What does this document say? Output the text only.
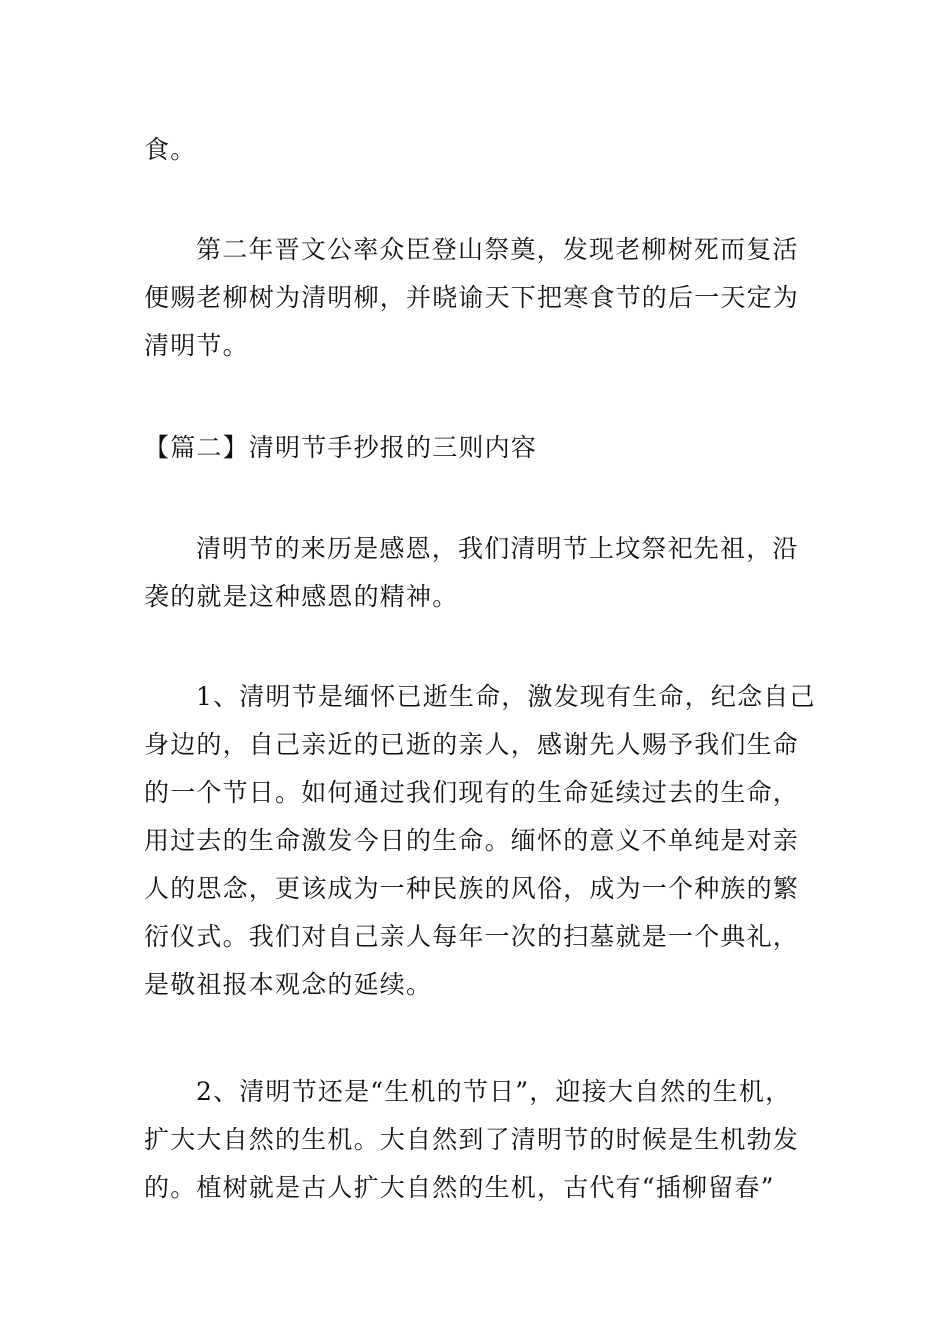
食。

第二年晋文公率众臣登山祭奠，发现老柳树死而复活
便赐老柳树为清明柳，并晓谕天下把寒食节的后一天定为
清明节。

【篇二】清明节手抄报的三则内容

清明节的来历是感恩，我们清明节上坟祭祀先祖，沿
袭的就是这种感恩的精神。

1、清明节是缅怀已逝生命，激发现有生命，纪念自己
身边的，自己亲近的已逝的亲人，感谢先人赐予我们生命
的一个节日。如何通过我们现有的生命延续过去的生命，
用过去的生命激发今日的生命。缅怀的意义不单纯是对亲
人的思念，更该成为一种民族的风俗，成为一个种族的繁
衍仪式。我们对自己亲人每年一次的扫墓就是一个典礼，
是敬祖报本观念的延续。

2、清明节还是“生机的节日”，迎接大自然的生机，
扩大大自然的生机。大自然到了清明节的时候是生机勃发
的。植树就是古人扩大自然的生机，古代有“插柳留春”
